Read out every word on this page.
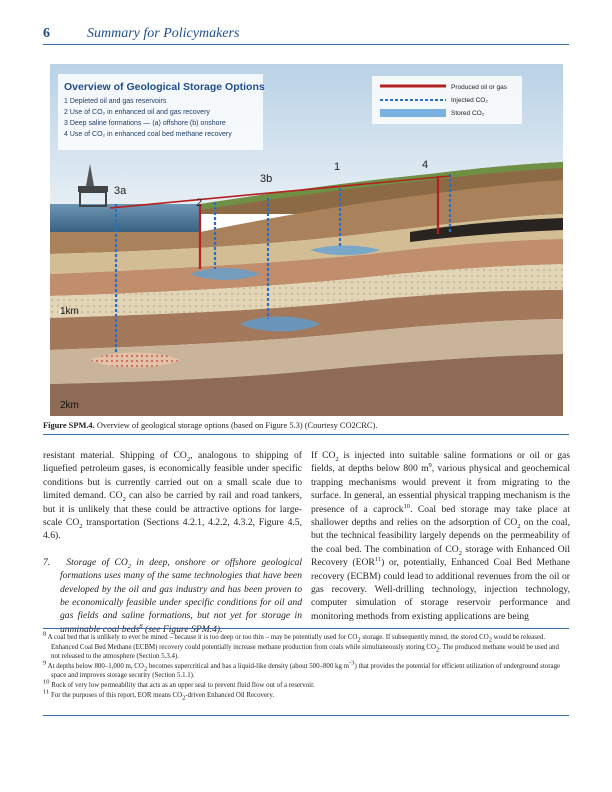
6	Summary for Policymakers
Overview of Geological Storage Options
1 Depleted oil and gas reservoirs
2 Use of CO₂ in enhanced oil and gas recovery
3 Deep saline formations — (a) offshore (b) onshore
4 Use of CO₂ in enhanced coal bed methane recovery
Produced oil or gas
Injected CO₂
Stored CO₂
3a
2
3b
1	4
1km
2km
Figure SPM.4. Overview of geological storage options (based on Figure 5.3) (Courtesy CO2CRC).

resistant material. Shipping of $CO_2$, analogous to shipping of liquefied petroleum gases, is economically feasible under specific conditions but is currently carried out on a small scale due to limited demand. $CO_2$ can also be carried by rail and road tankers, but it is unlikely that these could be attractive options for large-scale $CO_2$ transportation (Sections 4.2.1, 4.2.2, 4.3.2, Figure 4.5, 4.6).

7.   Storage of $CO_2$ in deep, onshore or offshore geological formations uses many of the same technologies that have been developed by the oil and gas industry and has been proven to be economically feasible under specific conditions for oil and gas fields and saline formations, but not yet for storage in unminable coal beds$^8$ (see Figure SPM.4).

If $CO_2$ is injected into suitable saline formations or oil or gas fields, at depths below 800 $m^9$, various physical and geochemical trapping mechanisms would prevent it from migrating to the surface. In general, an essential physical trapping mechanism is the presence of a caprock$^{10}$. Coal bed storage may take place at shallower depths and relies on the adsorption of $CO_2$ on the coal, but the technical feasibility largely depends on the permeability of the coal bed. The combination of $CO_2$ storage with Enhanced Oil Recovery (EOR$^{11}$) or, potentially, Enhanced Coal Bed Methane recovery (ECBM) could lead to additional revenues from the oil or gas recovery. Well-drilling technology, injection technology, computer simulation of storage reservoir performance and monitoring methods from existing applications are being

$^8$ A coal bed that is unlikely to ever be mined – because it is too deep or too thin – may be potentially used for $CO_2$ storage. If subsequently mined, the stored $CO_2$ would be released. Enhanced Coal Bed Methane (ECBM) recovery could potentially increase methane production from coals while simultaneously storing $CO_2$. The produced methane would be used and not released to the atmosphere (Section 5.3.4).

$^9$ At depths below 800–1,000 m, $CO_2$ becomes supercritical and has a liquid-like density (about 500–800 kg $m^{-3}$) that provides the potential for efficient utilization of underground storage space and improves storage security (Section 5.1.1).

$^{10}$ Rock of very low permeability that acts as an upper seal to prevent fluid flow out of a reservoir.

$^{11}$ For the purposes of this report, EOR means $CO_2$-driven Enhanced Oil Recovery.
